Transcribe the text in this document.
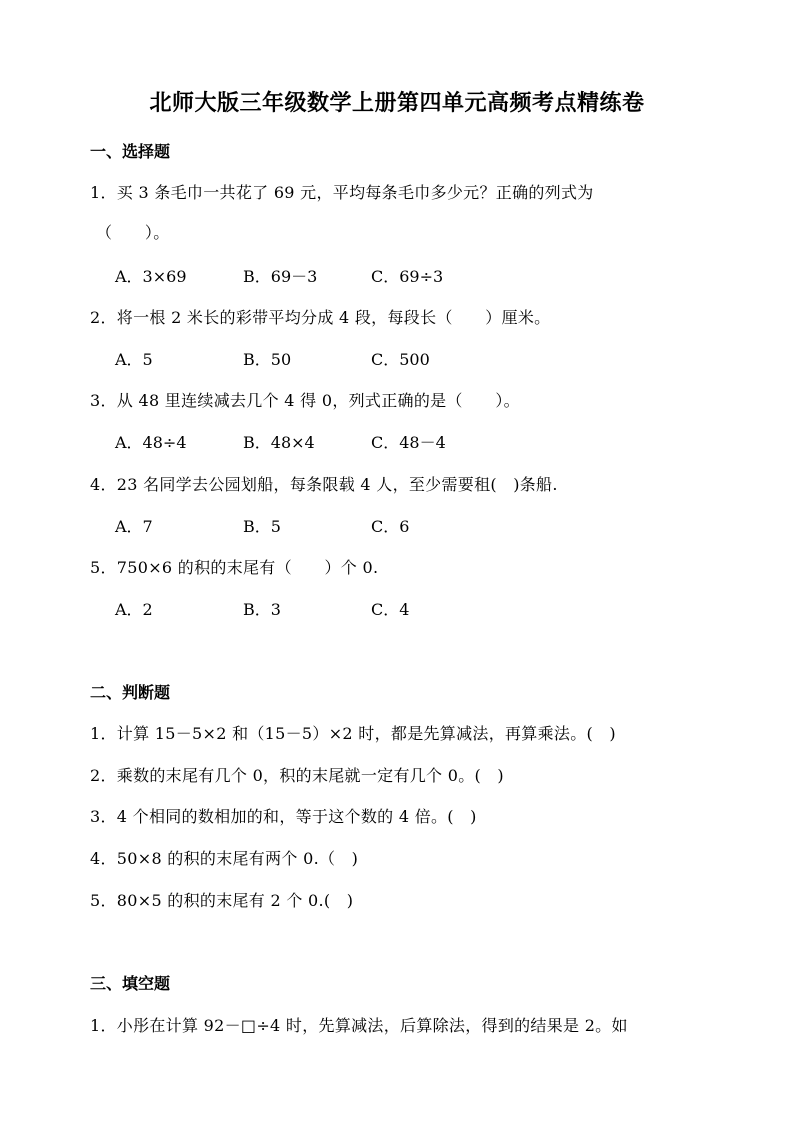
北师大版三年级数学上册第四单元高频考点精练卷
一、选择题
1．买 3 条毛巾一共花了 69 元，平均每条毛巾多少元？正确的列式为
（　　）。
A．3×69	B．69－3	C．69÷3
2．将一根 2 米长的彩带平均分成 4 段，每段长（　　）厘米。
A．5	B．50	C．500
3．从 48 里连续减去几个 4 得 0，列式正确的是（　　）。
A．48÷4	B．48×4	C．48－4
4．23 名同学去公园划船，每条限载 4 人，至少需要租(　)条船.
A．7	B．5	C．6
5．750×6 的积的末尾有（　　）个 0.
A．2	B．3	C．4
二、判断题
1．计算 15－5×2 和（15－5）×2 时，都是先算减法，再算乘法。(　)
2．乘数的末尾有几个 0，积的末尾就一定有几个 0。(　)
3．4 个相同的数相加的和，等于这个数的 4 倍。(　)
4．50×8 的积的末尾有两个 0.（　)
5．80×5 的积的末尾有 2 个 0.(　)
三、填空题
1．小彤在计算 92－□÷4 时，先算减法，后算除法，得到的结果是 2。如
